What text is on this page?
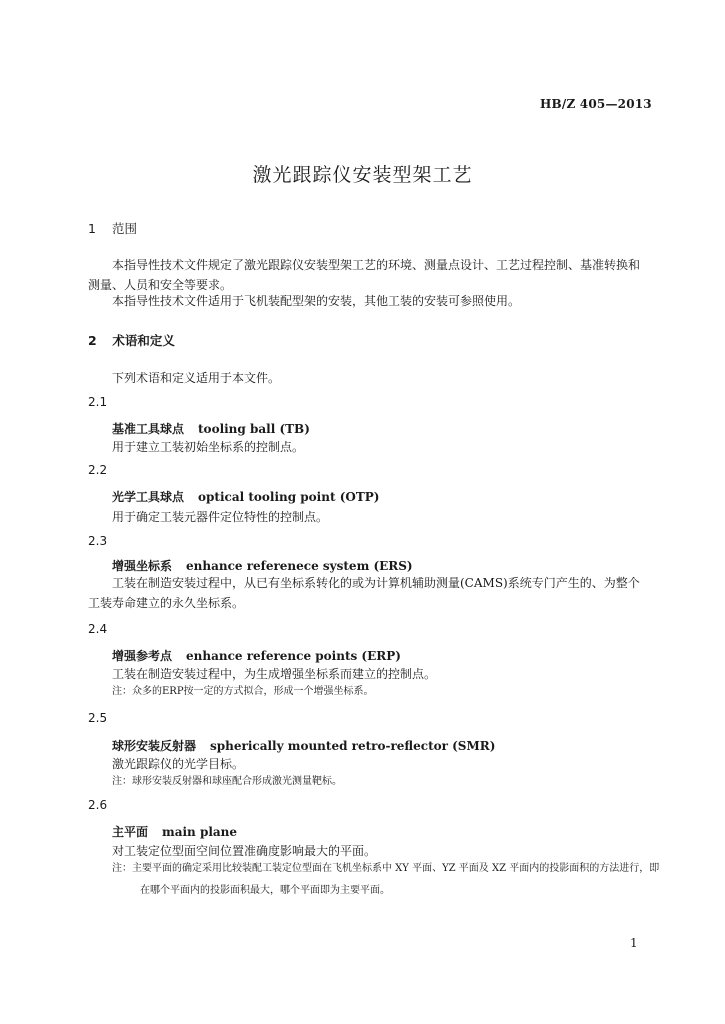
HB/Z 405—2013
激光跟踪仪安装型架工艺
1 范围
本指导性技术文件规定了激光跟踪仪安装型架工艺的环境、测量点设计、工艺过程控制、基准转换和测量、人员和安全等要求。
本指导性技术文件适用于飞机装配型架的安装，其他工装的安装可参照使用。
2 术语和定义
下列术语和定义适用于本文件。
2.1
基准工具球点 tooling ball (TB)
用于建立工装初始坐标系的控制点。
2.2
光学工具球点 optical tooling point (OTP)
用于确定工装元器件定位特性的控制点。
2.3
增强坐标系 enhance referenece system (ERS)
工装在制造安装过程中，从已有坐标系转化的或为计算机辅助测量(CAMS)系统专门产生的、为整个工装寿命建立的永久坐标系。
2.4
增强参考点 enhance reference points (ERP)
工装在制造安装过程中，为生成增强坐标系而建立的控制点。
注：众多的ERP按一定的方式拟合，形成一个增强坐标系。
2.5
球形安装反射器 spherically mounted retro-reflector (SMR)
激光跟踪仪的光学目标。
注：球形安装反射器和球座配合形成激光测量靶标。
2.6
主平面 main plane
对工装定位型面空间位置准确度影响最大的平面。
注：主要平面的确定采用比较装配工装定位型面在飞机坐标系中 XY 平面、YZ 平面及 XZ 平面内的投影面积的方法进行，即在哪个平面内的投影面积最大，哪个平面即为主要平面。
1
